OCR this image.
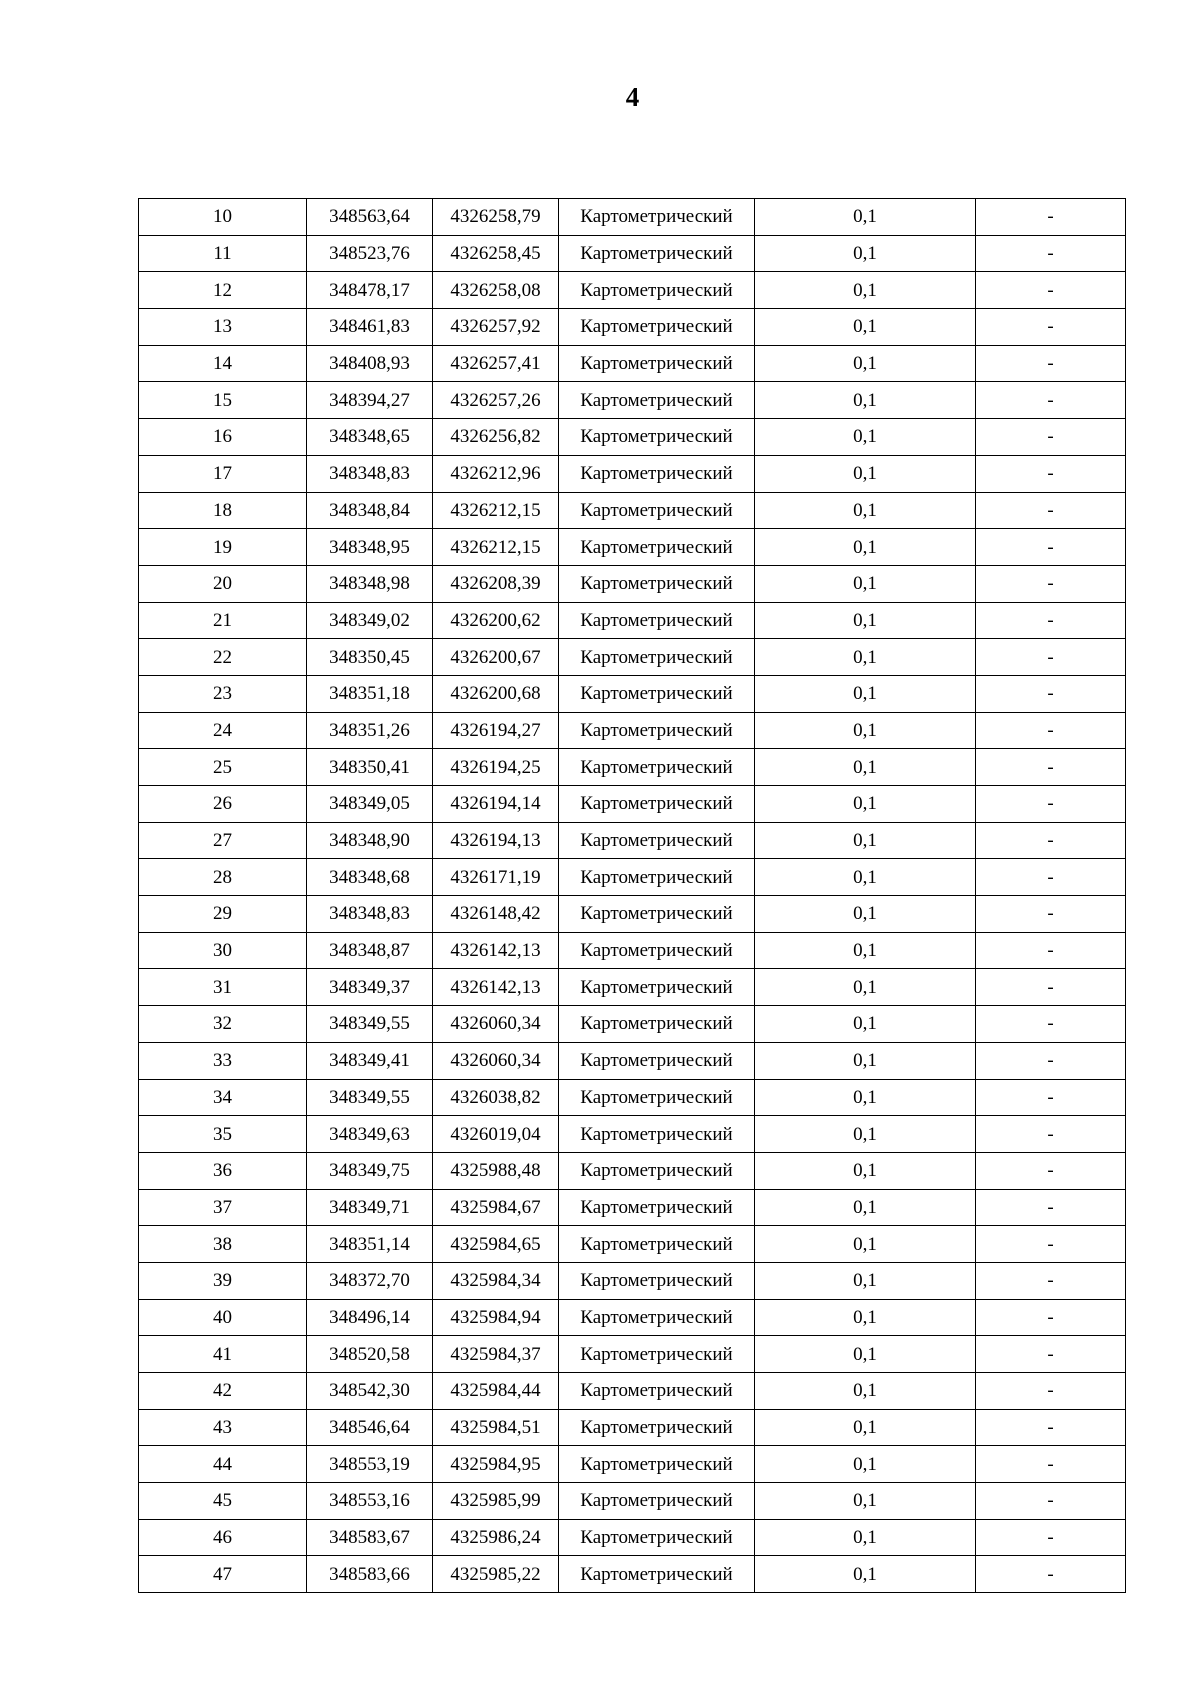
4
10	348563,64	4326258,79	Картометрический	0,1	-
11	348523,76	4326258,45	Картометрический	0,1	-
12	348478,17	4326258,08	Картометрический	0,1	-
13	348461,83	4326257,92	Картометрический	0,1	-
14	348408,93	4326257,41	Картометрический	0,1	-
15	348394,27	4326257,26	Картометрический	0,1	-
16	348348,65	4326256,82	Картометрический	0,1	-
17	348348,83	4326212,96	Картометрический	0,1	-
18	348348,84	4326212,15	Картометрический	0,1	-
19	348348,95	4326212,15	Картометрический	0,1	-
20	348348,98	4326208,39	Картометрический	0,1	-
21	348349,02	4326200,62	Картометрический	0,1	-
22	348350,45	4326200,67	Картометрический	0,1	-
23	348351,18	4326200,68	Картометрический	0,1	-
24	348351,26	4326194,27	Картометрический	0,1	-
25	348350,41	4326194,25	Картометрический	0,1	-
26	348349,05	4326194,14	Картометрический	0,1	-
27	348348,90	4326194,13	Картометрический	0,1	-
28	348348,68	4326171,19	Картометрический	0,1	-
29	348348,83	4326148,42	Картометрический	0,1	-
30	348348,87	4326142,13	Картометрический	0,1	-
31	348349,37	4326142,13	Картометрический	0,1	-
32	348349,55	4326060,34	Картометрический	0,1	-
33	348349,41	4326060,34	Картометрический	0,1	-
34	348349,55	4326038,82	Картометрический	0,1	-
35	348349,63	4326019,04	Картометрический	0,1	-
36	348349,75	4325988,48	Картометрический	0,1	-
37	348349,71	4325984,67	Картометрический	0,1	-
38	348351,14	4325984,65	Картометрический	0,1	-
39	348372,70	4325984,34	Картометрический	0,1	-
40	348496,14	4325984,94	Картометрический	0,1	-
41	348520,58	4325984,37	Картометрический	0,1	-
42	348542,30	4325984,44	Картометрический	0,1	-
43	348546,64	4325984,51	Картометрический	0,1	-
44	348553,19	4325984,95	Картометрический	0,1	-
45	348553,16	4325985,99	Картометрический	0,1	-
46	348583,67	4325986,24	Картометрический	0,1	-
47	348583,66	4325985,22	Картометрический	0,1	-
